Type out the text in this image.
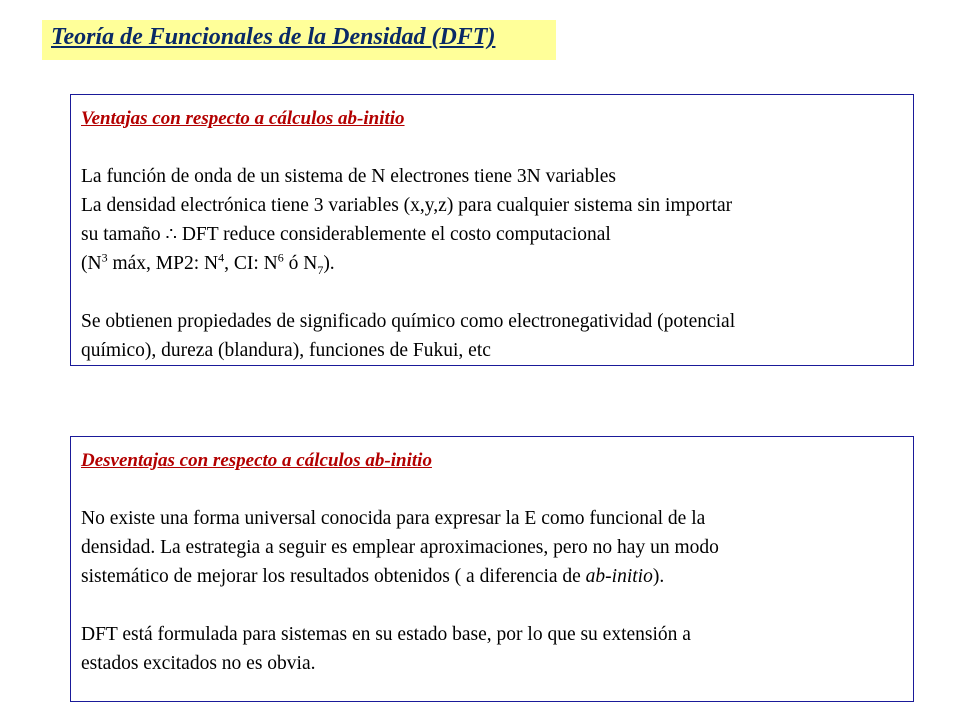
Teoría de Funcionales de la Densidad (DFT)
Ventajas con respecto a cálculos ab-initio
La función de onda de un sistema de N electrones tiene 3N variables
La densidad electrónica tiene 3 variables (x,y,z) para cualquier sistema sin importar
su tamaño ∴ DFT reduce considerablemente el costo computacional
($N^3$ máx, MP2: $N^4$, CI: $N^6$ ó $N_7$).
Se obtienen propiedades de significado químico como electronegatividad (potencial
químico), dureza (blandura), funciones de Fukui, etc
Desventajas con respecto a cálculos ab-initio
No existe una forma universal conocida para expresar la E como funcional de la
densidad. La estrategia a seguir es emplear aproximaciones, pero no hay un modo
sistemático de mejorar los resultados obtenidos ( a diferencia de ab-initio).
DFT está formulada para sistemas en su estado base, por lo que su extensión a
estados excitados no es obvia.
